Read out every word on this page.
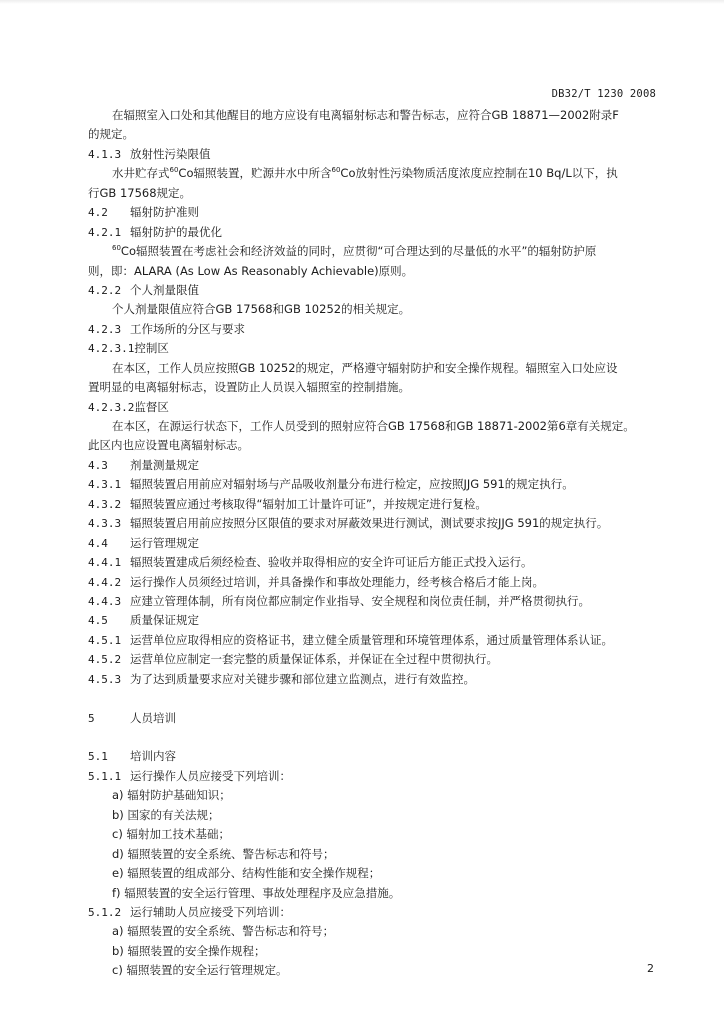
DB32/T 1230 2008
在辐照室入口处和其他醒目的地方应设有电离辐射标志和警告标志，应符合GB 18871—2002附录F
的规定。
4.1.3 放射性污染限值
水井贮存式$^{60}$Co辐照装置，贮源井水中所含$^{60}$Co放射性污染物质活度浓度应控制在10 Bq/L以下，执
行GB 17568规定。
4.2 辐射防护准则
4.2.1 辐射防护的最优化
$^{60}$Co辐照装置在考虑社会和经济效益的同时，应贯彻“可合理达到的尽量低的水平”的辐射防护原
则，即：ALARA (As Low As Reasonably Achievable)原则。
4.2.2 个人剂量限值
个人剂量限值应符合GB 17568和GB 10252的相关规定。
4.2.3 工作场所的分区与要求
4.2.3.1控制区
在本区，工作人员应按照GB 10252的规定，严格遵守辐射防护和安全操作规程。辐照室入口处应设
置明显的电离辐射标志，设置防止人员误入辐照室的控制措施。
4.2.3.2监督区
在本区，在源运行状态下，工作人员受到的照射应符合GB 17568和GB 18871-2002第6章有关规定。
此区内也应设置电离辐射标志。
4.3 剂量测量规定
4.3.1 辐照装置启用前应对辐射场与产品吸收剂量分布进行检定，应按照JJG 591的规定执行。
4.3.2 辐照装置应通过考核取得“辐射加工计量许可证”，并按规定进行复检。
4.3.3 辐照装置启用前应按照分区限值的要求对屏蔽效果进行测试，测试要求按JJG 591的规定执行。
4.4 运行管理规定
4.4.1 辐照装置建成后须经检查、验收并取得相应的安全许可证后方能正式投入运行。
4.4.2 运行操作人员须经过培训，并具备操作和事故处理能力，经考核合格后才能上岗。
4.4.3 应建立管理体制，所有岗位都应制定作业指导、安全规程和岗位责任制，并严格贯彻执行。
4.5 质量保证规定
4.5.1 运营单位应取得相应的资格证书，建立健全质量管理和环境管理体系，通过质量管理体系认证。
4.5.2 运营单位应制定一套完整的质量保证体系，并保证在全过程中贯彻执行。
4.5.3 为了达到质量要求应对关键步骤和部位建立监测点，进行有效监控。
5	人员培训
5.1 培训内容
5.1.1 运行操作人员应接受下列培训：
a) 辐射防护基础知识；
b) 国家的有关法规；
c) 辐射加工技术基础；
d) 辐照装置的安全系统、警告标志和符号；
e) 辐照装置的组成部分、结构性能和安全操作规程；
f) 辐照装置的安全运行管理、事故处理程序及应急措施。
5.1.2 运行辅助人员应接受下列培训：
a) 辐照装置的安全系统、警告标志和符号；
b) 辐照装置的安全操作规程；
c) 辐照装置的安全运行管理规定。	2
